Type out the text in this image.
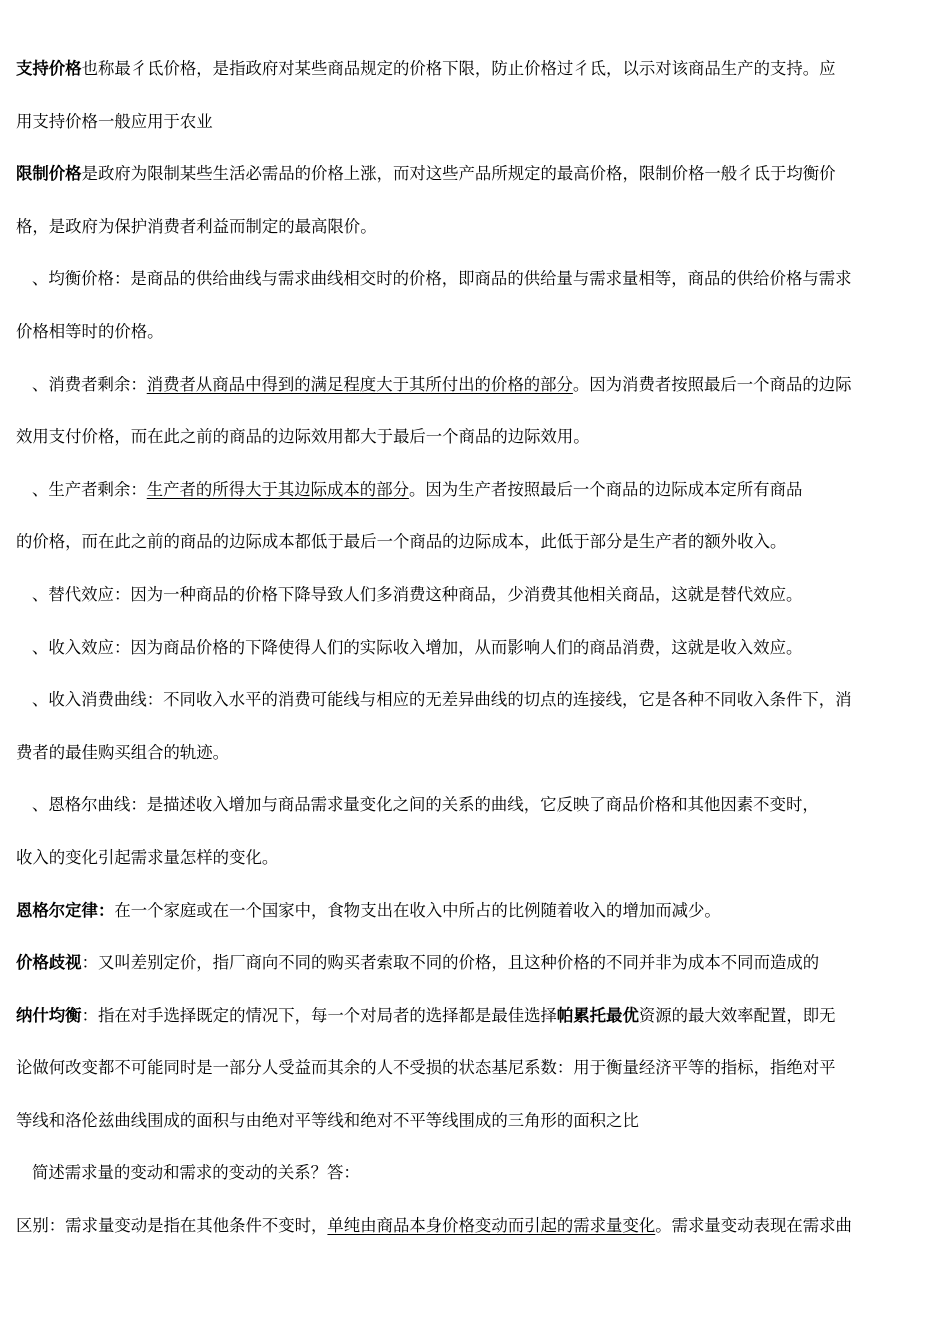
支持价格也称最彳氐价格，是指政府对某些商品规定的价格下限，防止价格过彳氐，以示对该商品生产的支持。应
用支持价格一般应用于农业
限制价格是政府为限制某些生活必需品的价格上涨，而对这些产品所规定的最高价格，限制价格一般彳氐于均衡价
格，是政府为保护消费者利益而制定的最高限价。
、均衡价格：是商品的供给曲线与需求曲线相交时的价格，即商品的供给量与需求量相等，商品的供给价格与需求
价格相等时的价格。
、消费者剩余：消费者从商品中得到的满足程度大于其所付出的价格的部分。因为消费者按照最后一个商品的边际
效用支付价格，而在此之前的商品的边际效用都大于最后一个商品的边际效用。
、生产者剩余：生产者的所得大于其边际成本的部分。因为生产者按照最后一个商品的边际成本定所有商品
的价格，而在此之前的商品的边际成本都低于最后一个商品的边际成本，此低于部分是生产者的额外收入。
、替代效应：因为一种商品的价格下降导致人们多消费这种商品，少消费其他相关商品，这就是替代效应。
、收入效应：因为商品价格的下降使得人们的实际收入增加，从而影响人们的商品消费，这就是收入效应。
、收入消费曲线：不同收入水平的消费可能线与相应的无差异曲线的切点的连接线，它是各种不同收入条件下，消
费者的最佳购买组合的轨迹。
、恩格尔曲线：是描述收入增加与商品需求量变化之间的关系的曲线，它反映了商品价格和其他因素不变时，
收入的变化引起需求量怎样的变化。
恩格尔定律：在一个家庭或在一个国家中，食物支出在收入中所占的比例随着收入的增加而减少。
价格歧视：又叫差别定价，指厂商向不同的购买者索取不同的价格，且这种价格的不同并非为成本不同而造成的
纳什均衡：指在对手选择既定的情况下，每一个对局者的选择都是最佳选择帕累托最优资源的最大效率配置，即无
论做何改变都不可能同时是一部分人受益而其余的人不受损的状态基尼系数：用于衡量经济平等的指标，指绝对平
等线和洛伦兹曲线围成的面积与由绝对平等线和绝对不平等线围成的三角形的面积之比
简述需求量的变动和需求的变动的关系？答：
区别：需求量变动是指在其他条件不变时，单纯由商品本身价格变动而引起的需求量变化。需求量变动表现在需求曲
